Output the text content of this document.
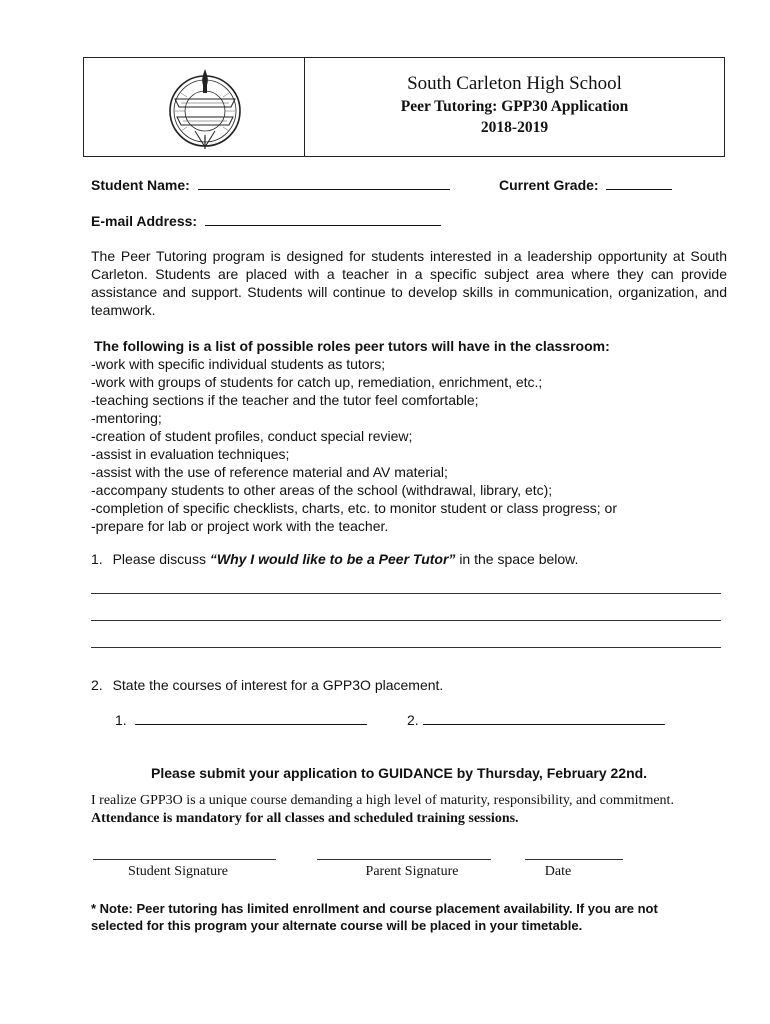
South Carleton High School
Peer Tutoring: GPP30 Application
2018-2019
Student Name:	Current Grade:
E-mail Address:
The Peer Tutoring program is designed for students interested in a leadership opportunity at South Carleton. Students are placed with a teacher in a specific subject area where they can provide assistance and support. Students will continue to develop skills in communication, organization, and teamwork.
The following is a list of possible roles peer tutors will have in the classroom:
-work with specific individual students as tutors;
-work with groups of students for catch up, remediation, enrichment, etc.;
-teaching sections if the teacher and the tutor feel comfortable;
-mentoring;
-creation of student profiles, conduct special review;
-assist in evaluation techniques;
-assist with the use of reference material and AV material;
-accompany students to other areas of the school (withdrawal, library, etc);
-completion of specific checklists, charts, etc. to monitor student or class progress; or
-prepare for lab or project work with the teacher.
1. Please discuss “Why I would like to be a Peer Tutor” in the space below.
2. State the courses of interest for a GPP3O placement.
1.	2.
Please submit your application to GUIDANCE by Thursday, February 22nd.
I realize GPP3O is a unique course demanding a high level of maturity, responsibility, and commitment.
Attendance is mandatory for all classes and scheduled training sessions.
Student Signature	Parent Signature	Date
* Note: Peer tutoring has limited enrollment and course placement availability. If you are not
selected for this program your alternate course will be placed in your timetable.
